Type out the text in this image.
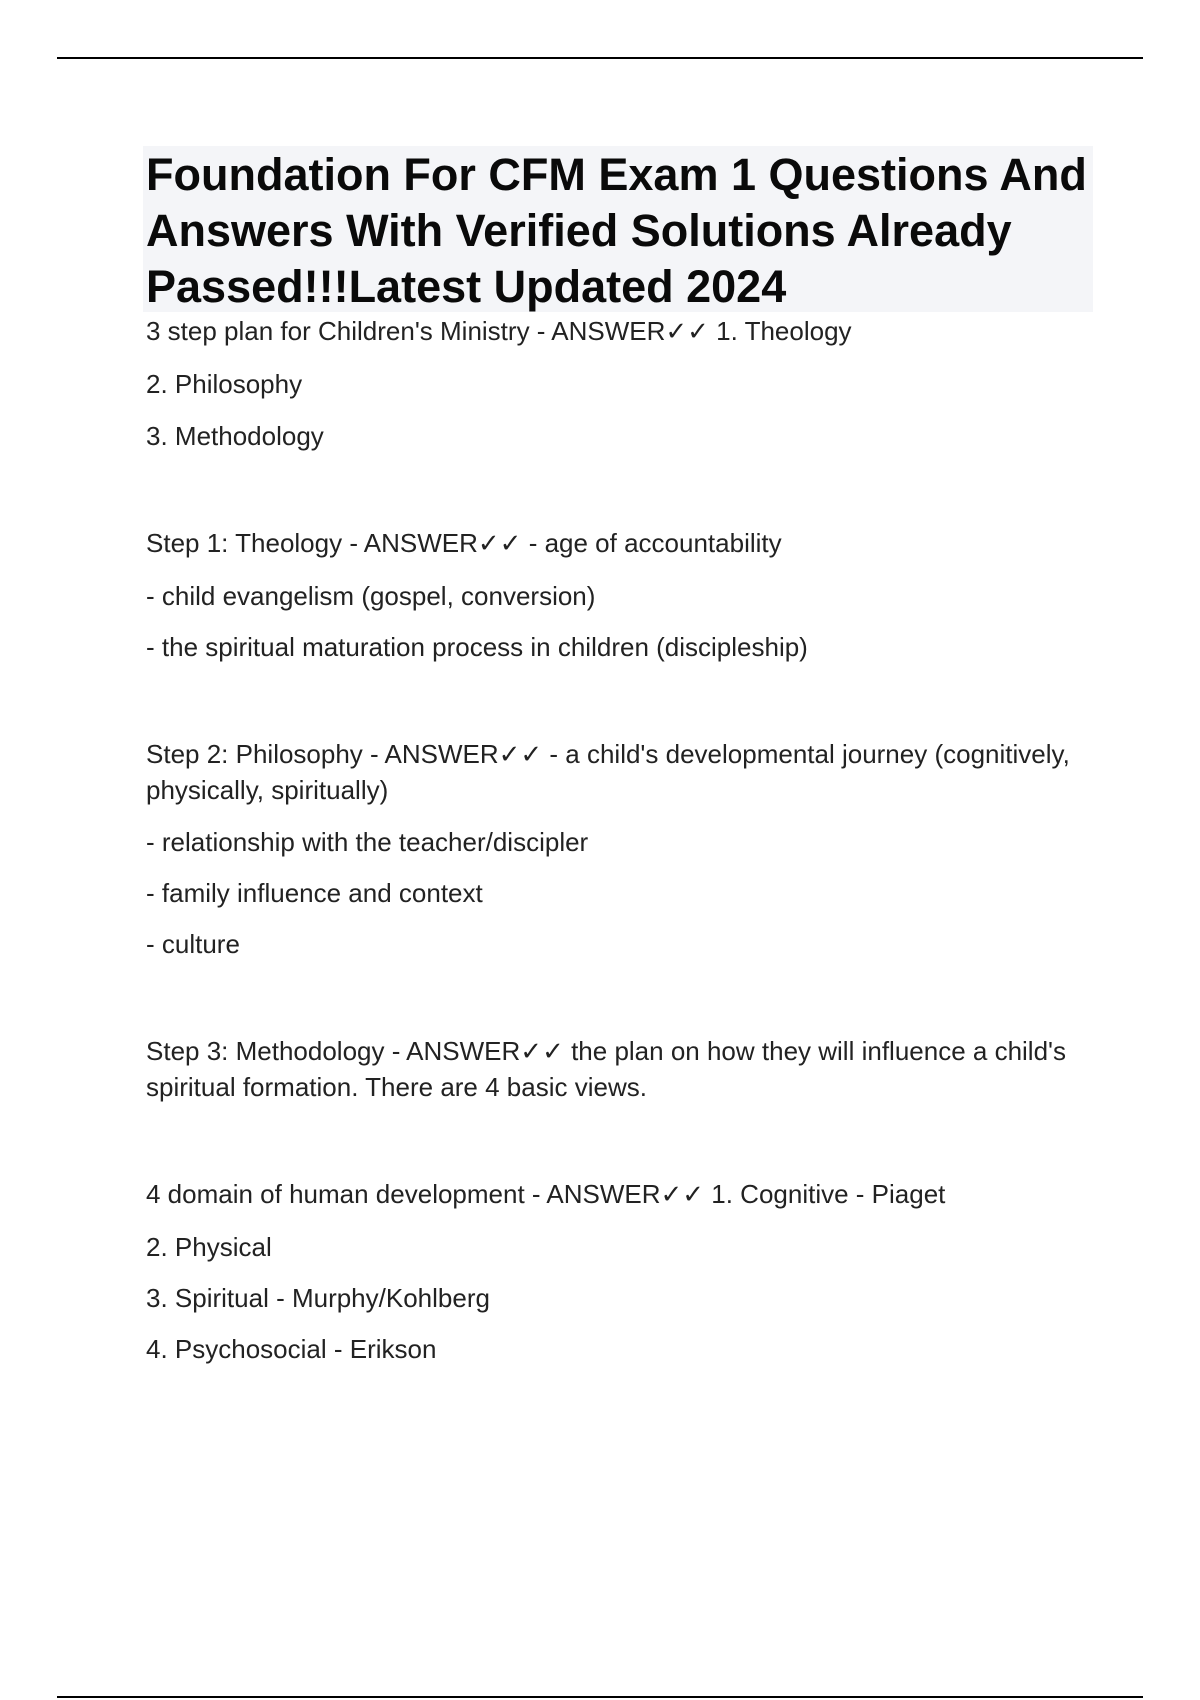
Foundation For CFM Exam 1 Questions And Answers With Verified Solutions Already Passed!!!Latest Updated 2024

3 step plan for Children's Ministry - ANSWER✓✓ 1. Theology

2. Philosophy

3. Methodology

Step 1: Theology - ANSWER✓✓ - age of accountability

- child evangelism (gospel, conversion)

- the spiritual maturation process in children (discipleship)

Step 2: Philosophy - ANSWER✓✓ - a child's developmental journey (cognitively, physically, spiritually)

- relationship with the teacher/discipler

- family influence and context

- culture

Step 3: Methodology - ANSWER✓✓ the plan on how they will influence a child's spiritual formation. There are 4 basic views.

4 domain of human development - ANSWER✓✓ 1. Cognitive - Piaget

2. Physical

3. Spiritual - Murphy/Kohlberg

4. Psychosocial - Erikson
